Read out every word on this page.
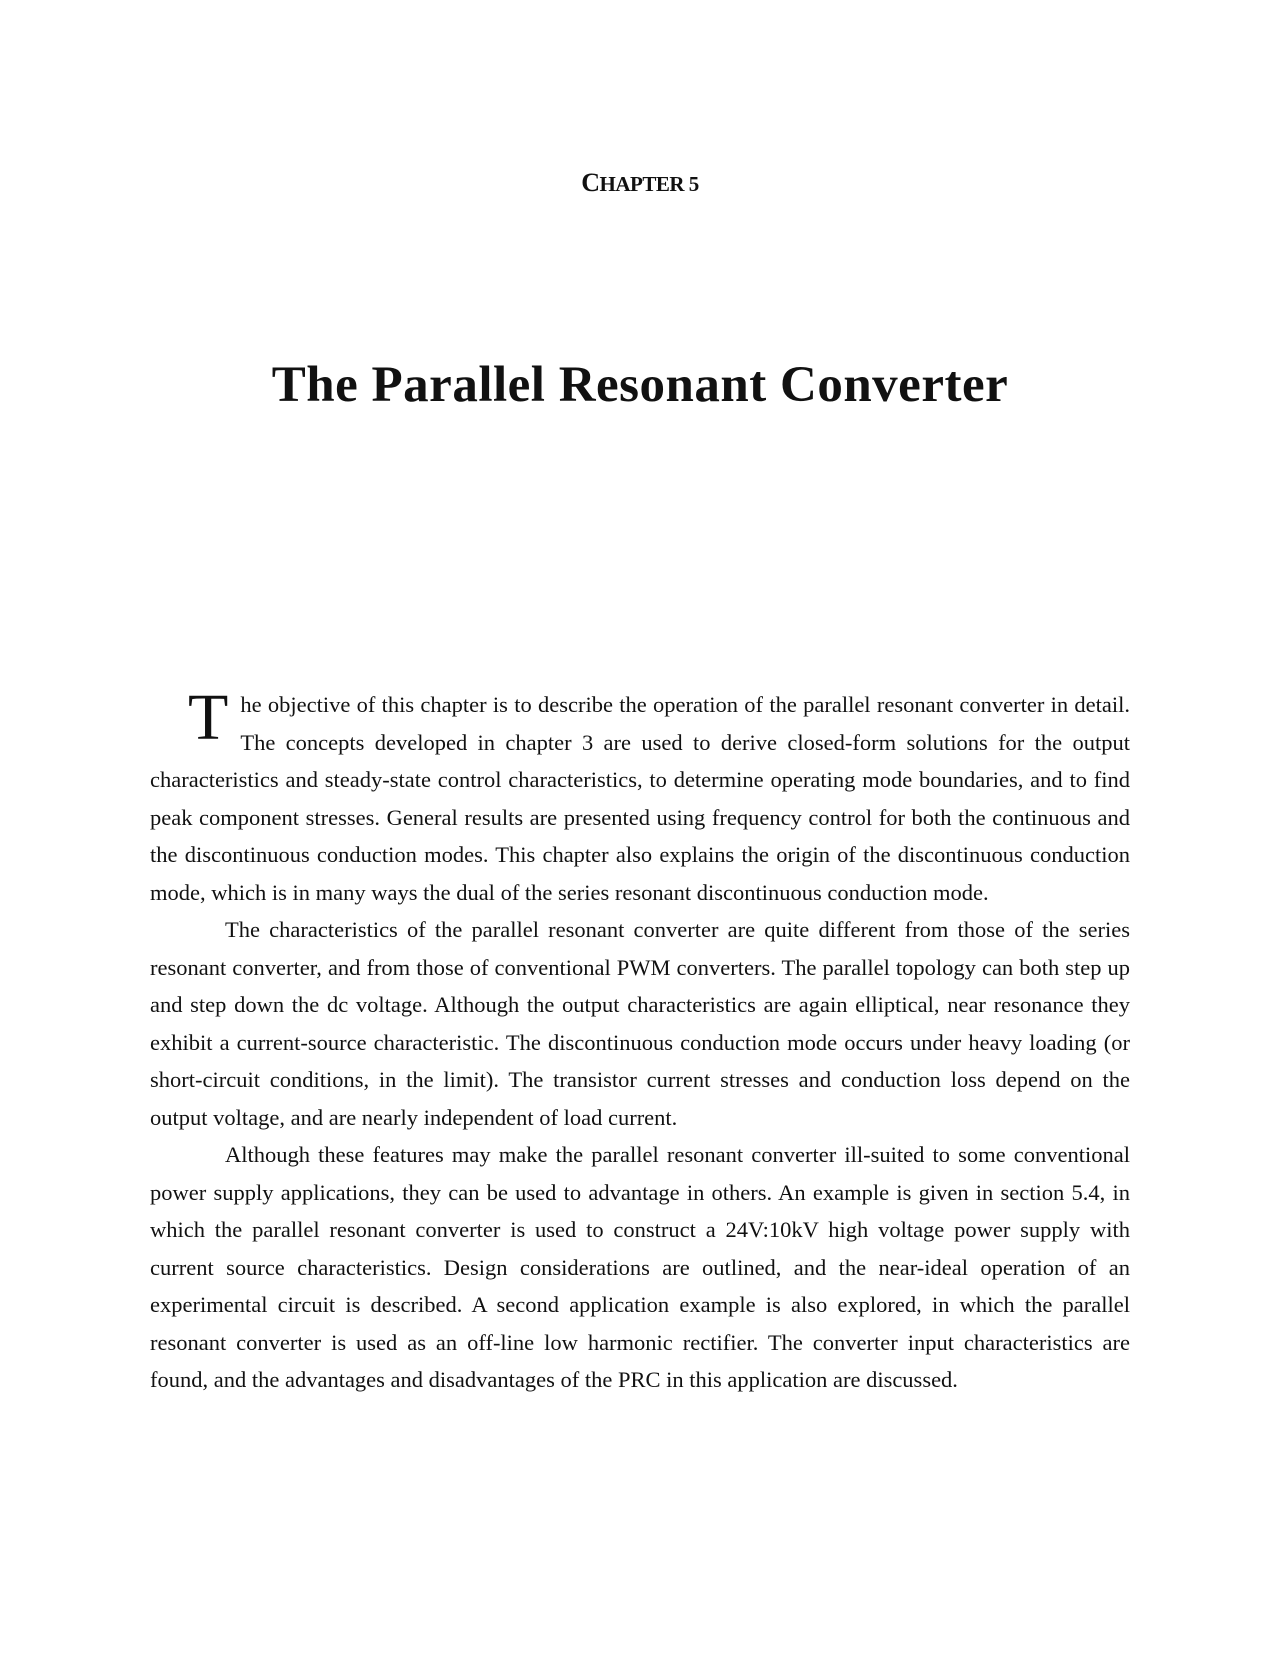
CHAPTER 5
The Parallel Resonant Converter

The objective of this chapter is to describe the operation of the parallel resonant converter in detail. The concepts developed in chapter 3 are used to derive closed-form solutions for the output characteristics and steady-state control characteristics, to determine operating mode boundaries, and to find peak component stresses. General results are presented using frequency control for both the continuous and the discontinuous conduction modes. This chapter also explains the origin of the discontinuous conduction mode, which is in many ways the dual of the series resonant discontinuous conduction mode.

The characteristics of the parallel resonant converter are quite different from those of the series resonant converter, and from those of conventional PWM converters. The parallel topology can both step up and step down the dc voltage. Although the output characteristics are again elliptical, near resonance they exhibit a current-source characteristic. The discontinuous conduction mode occurs under heavy loading (or short-circuit conditions, in the limit). The transistor current stresses and conduction loss depend on the output voltage, and are nearly independent of load current.

Although these features may make the parallel resonant converter ill-suited to some conventional power supply applications, they can be used to advantage in others. An example is given in section 5.4, in which the parallel resonant converter is used to construct a 24V:10kV high voltage power supply with current source characteristics. Design considerations are outlined, and the near-ideal operation of an experimental circuit is described. A second application example is also explored, in which the parallel resonant converter is used as an off-line low harmonic rectifier. The converter input characteristics are found, and the advantages and disadvantages of the PRC in this application are discussed.
